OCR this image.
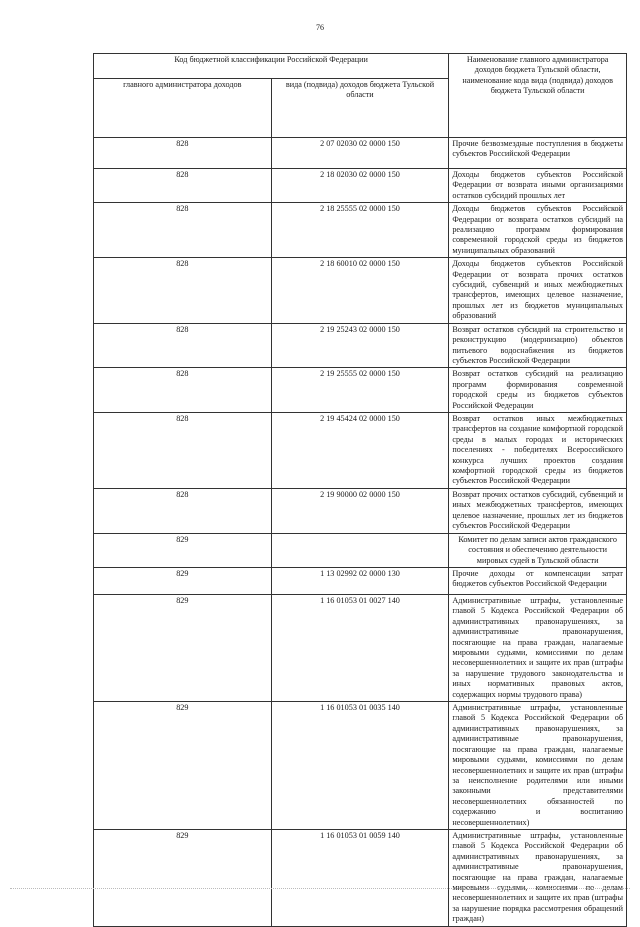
76
Код бюджетной классификации Российской Федерации		Наименование главного администратора доходов бюджета Тульской области, наименование кода вида (подвида) доходов бюджета Тульской области
главного администратора доходов	вида (подвида) доходов бюджета Тульской области	
828	2 07 02030 02 0000 150	Прочие безвозмездные поступления в бюджеты субъектов Российской Федерации
828	2 18 02030 02 0000 150	Доходы бюджетов субъектов Российской Федерации от возврата иными организациями остатков субсидий прошлых лет
828	2 18 25555 02 0000 150	Доходы бюджетов субъектов Российской Федерации от возврата остатков субсидий на реализацию программ формирования современной городской среды из бюджетов муниципальных образований
828	2 18 60010 02 0000 150	Доходы бюджетов субъектов Российской Федерации от возврата прочих остатков субсидий, субвенций и иных межбюджетных трансфертов, имеющих целевое назначение, прошлых лет из бюджетов муниципальных образований
828	2 19 25243 02 0000 150	Возврат остатков субсидий на строительство и реконструкцию (модернизацию) объектов питьевого водоснабжения из бюджетов субъектов Российской Федерации
828	2 19 25555 02 0000 150	Возврат остатков субсидий на реализацию программ формирования современной городской среды из бюджетов субъектов Российской Федерации
828	2 19 45424 02 0000 150	Возврат остатков иных межбюджетных трансфертов на создание комфортной городской среды в малых городах и исторических поселениях - победителях Всероссийского конкурса лучших проектов создания комфортной городской среды из бюджетов субъектов Российской Федерации
828	2 19 90000 02 0000 150	Возврат прочих остатков субсидий, субвенций и иных межбюджетных трансфертов, имеющих целевое назначение, прошлых лет из бюджетов субъектов Российской Федерации
829		Комитет по делам записи актов гражданского состояния и обеспечению деятельности мировых судей в Тульской области
829	1 13 02992 02 0000 130	Прочие доходы от компенсации затрат бюджетов субъектов Российской Федерации
829	1 16 01053 01 0027 140	Административные штрафы, установленные главой 5 Кодекса Российской Федерации об административных правонарушениях, за административные правонарушения, посягающие на права граждан, налагаемые мировыми судьями, комиссиями по делам несовершеннолетних и защите их прав (штрафы за нарушение трудового законодательства и иных нормативных правовых актов, содержащих нормы трудового права)
829	1 16 01053 01 0035 140	Административные штрафы, установленные главой 5 Кодекса Российской Федерации об административных правонарушениях, за административные правонарушения, посягающие на права граждан, налагаемые мировыми судьями, комиссиями по делам несовершеннолетних и защите их прав (штрафы за неисполнение родителями или иными законными представителями несовершеннолетних обязанностей по содержанию и воспитанию несовершеннолетних)
829	1 16 01053 01 0059 140	Административные штрафы, установленные главой 5 Кодекса Российской Федерации об административных правонарушениях, за административные правонарушения, посягающие на права граждан, налагаемые мировыми судьями, комиссиями по делам несовершеннолетних и защите их прав (штрафы за нарушение порядка рассмотрения обращений граждан)
